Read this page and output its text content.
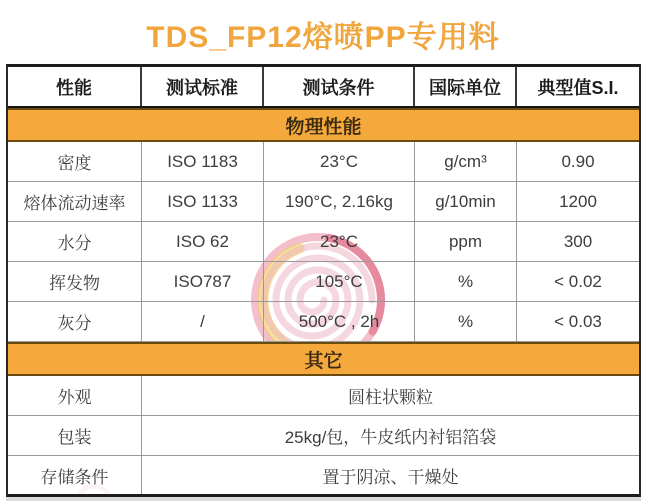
TDS_FP12熔喷PP专用料
性能	测试标准	测试条件	国际单位	典型值S.I.
物理性能
密度	ISO 1183	23°C	g/cm³	0.90
熔体流动速率	ISO 1133	190°C, 2.16kg	g/10min	1200
水分	ISO 62	23°C	ppm	300
挥发物	ISO787	105°C	%	< 0.02
灰分	/	500°C , 2h	%	< 0.03
其它
外观	圆柱状颗粒
包装	25kg/包，牛皮纸内衬铝箔袋
存储条件	置于阴凉、干燥处
